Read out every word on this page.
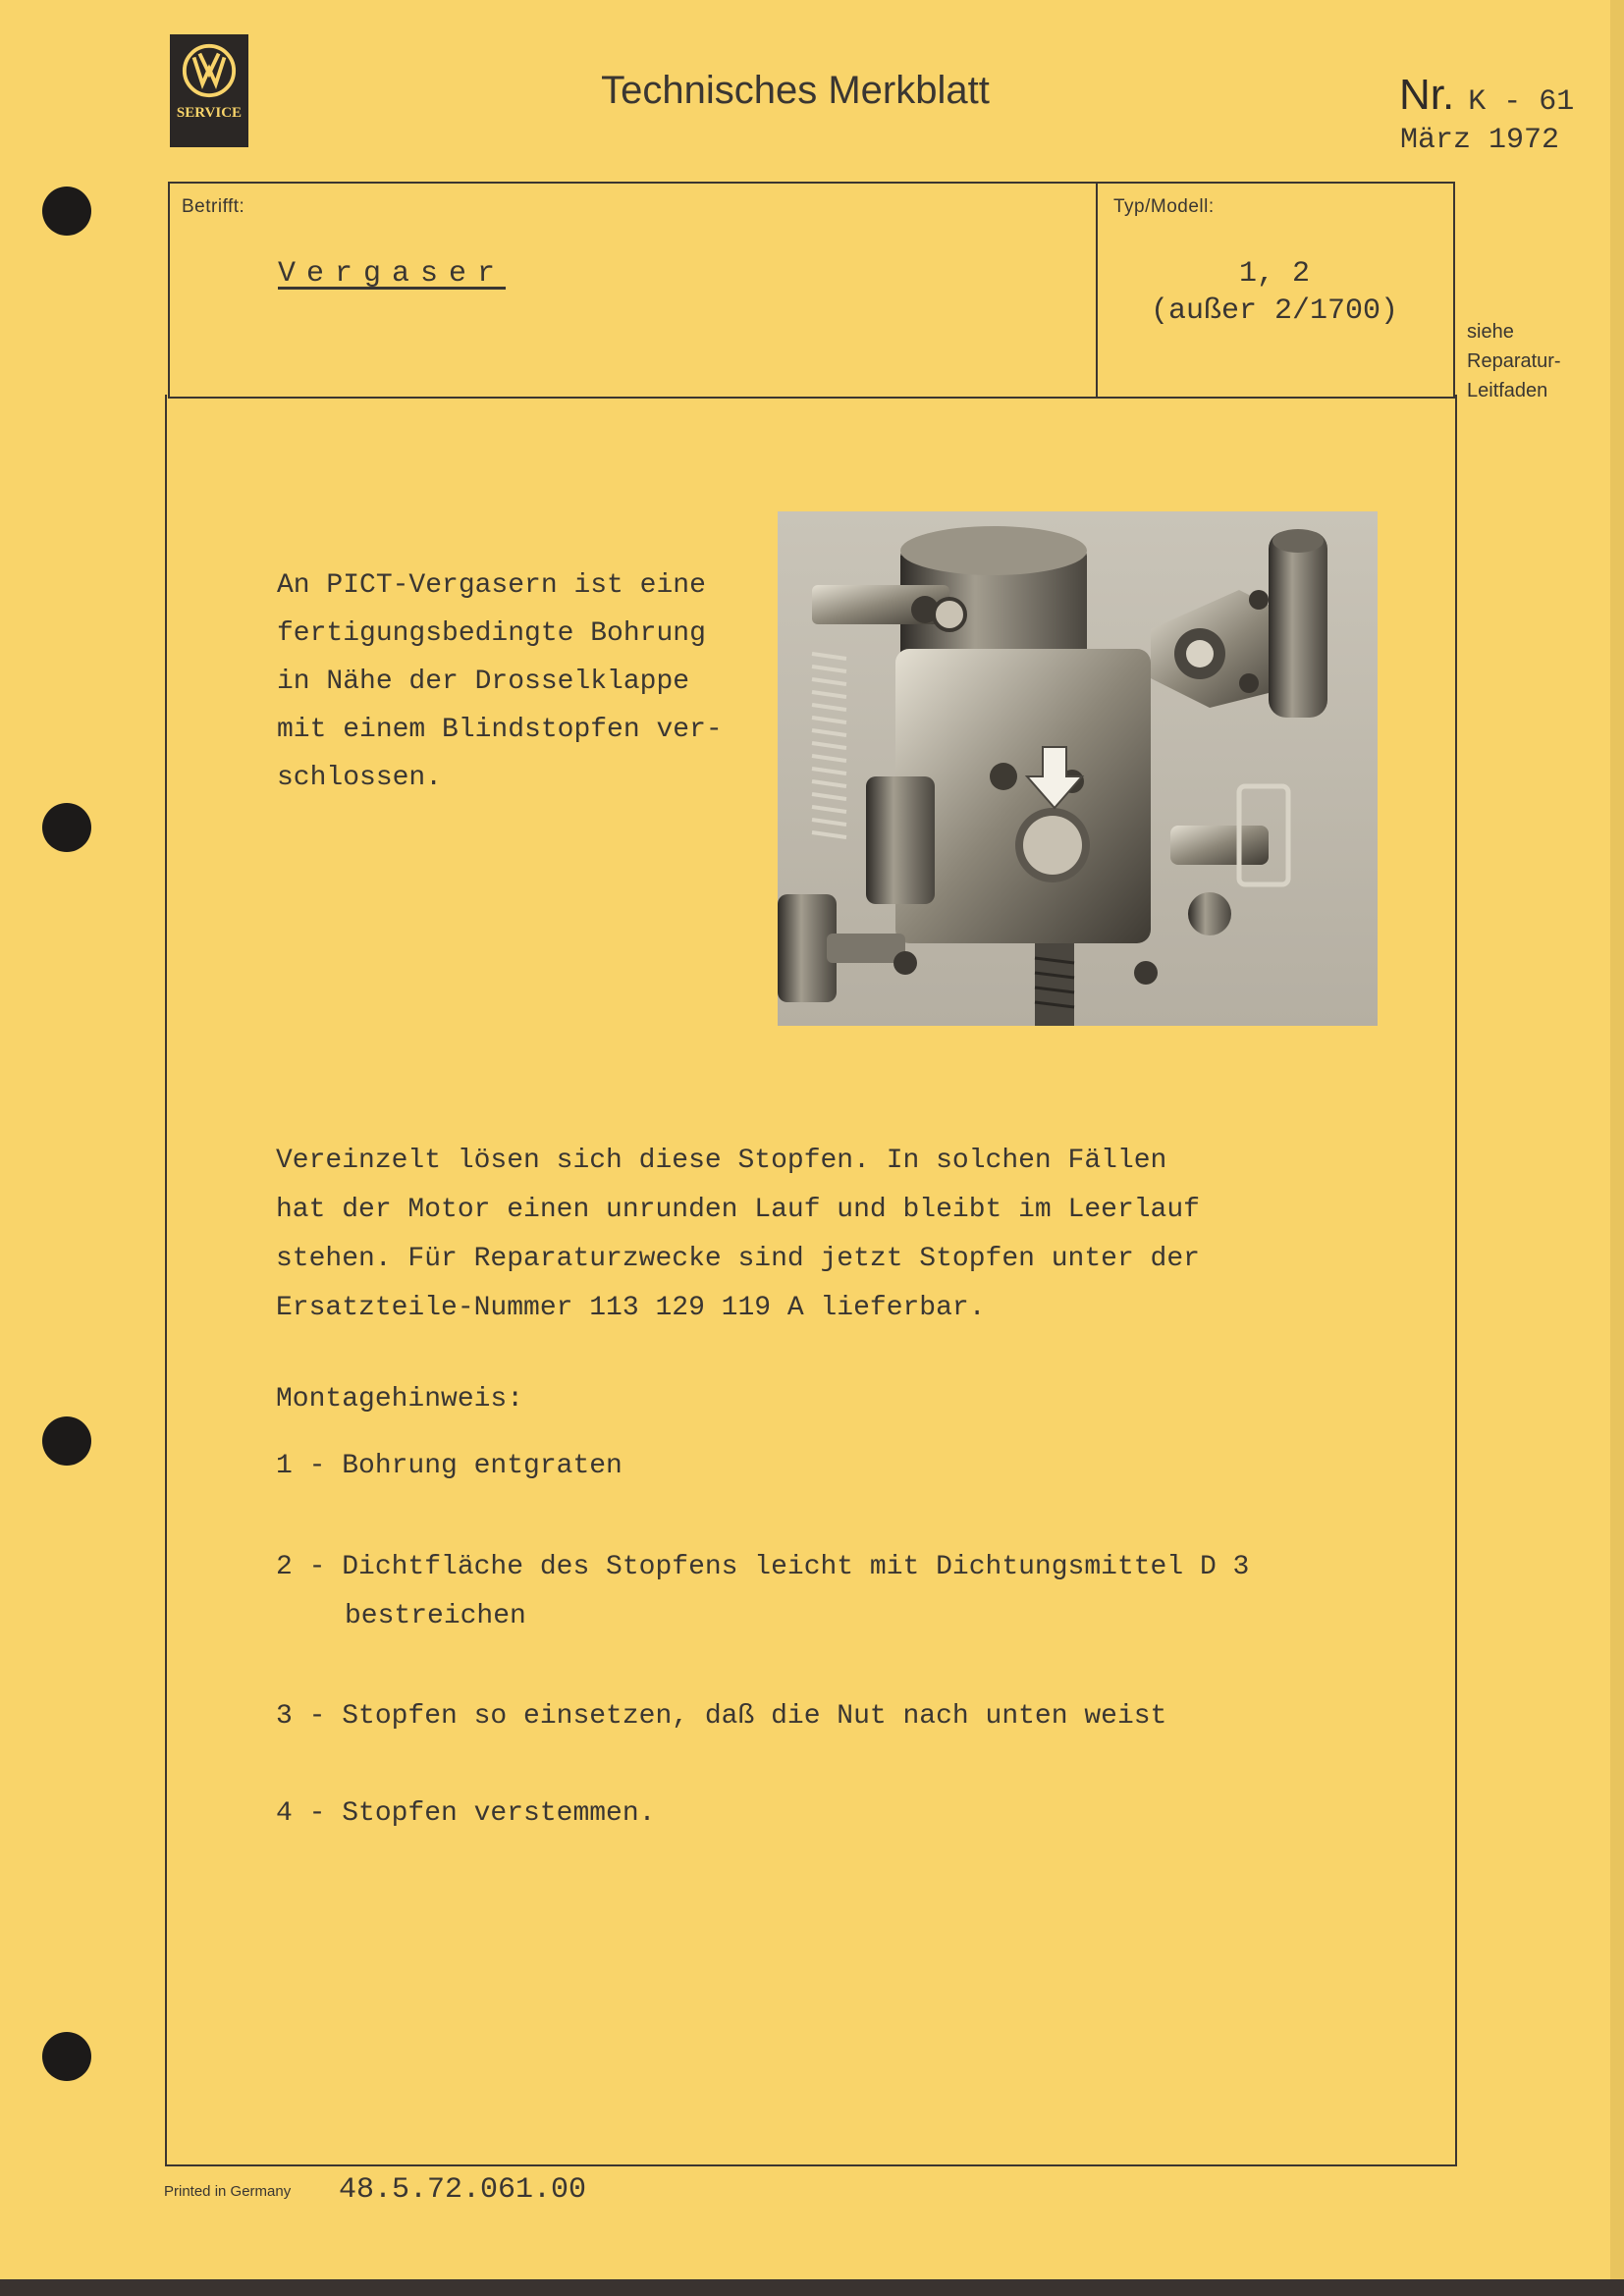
SERVICE
Technisches Merkblatt	Nr. K - 61
März 1972
Betrifft:
Vergaser
Typ/Modell:
1, 2
(außer 2/1700)
siehe
Reparatur-
Leitfaden
An PICT-Vergasern ist eine
fertigungsbedingte Bohrung
in Nähe der Drosselklappe
mit einem Blindstopfen ver-
schlossen.
Vereinzelt lösen sich diese Stopfen. In solchen Fällen
hat der Motor einen unrunden Lauf und bleibt im Leerlauf
stehen. Für Reparaturzwecke sind jetzt Stopfen unter der
Ersatzteile-Nummer 113 129 119 A lieferbar.
Montagehinweis:
1 - Bohrung entgraten
2 - Dichtfläche des Stopfens leicht mit Dichtungsmittel D 3
bestreichen
3 - Stopfen so einsetzen, daß die Nut nach unten weist
4 - Stopfen verstemmen.
Printed in Germany 48.5.72.061.00
